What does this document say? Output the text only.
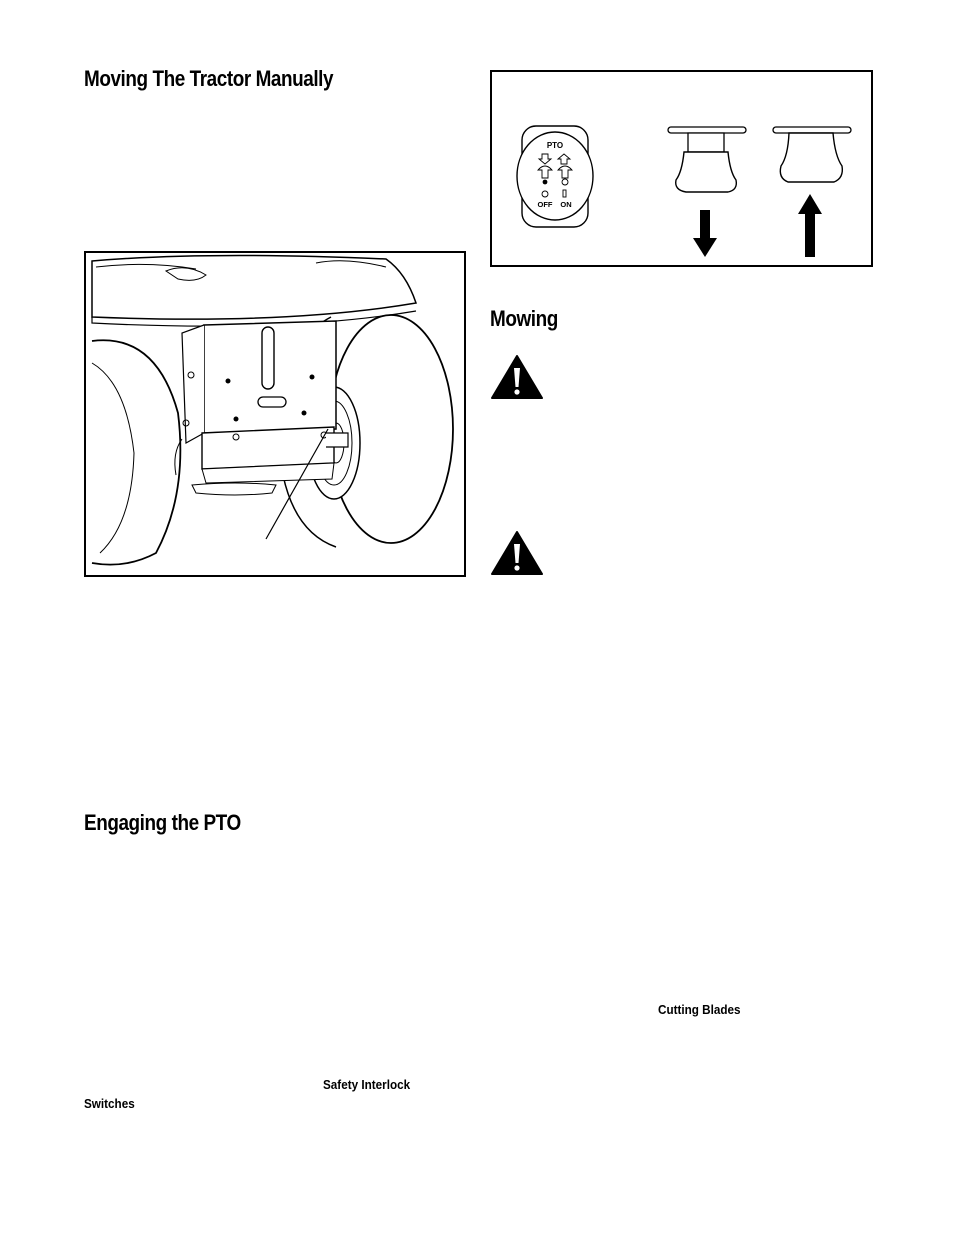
Moving The Tractor Manually
PTO
OFF ON
Mowing
Engaging the PTO
Cutting Blades
Safety Interlock
Switches
